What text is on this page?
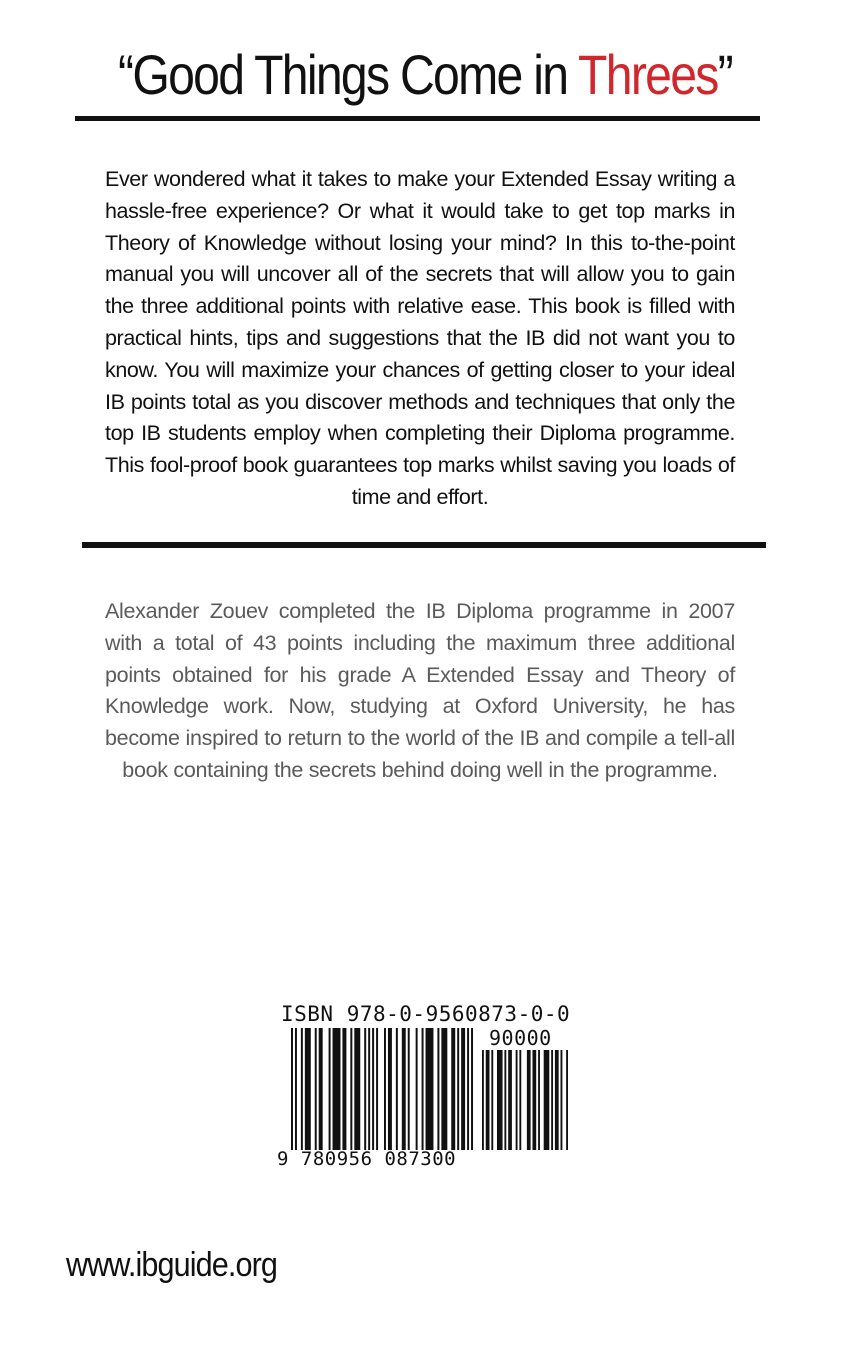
“Good Things Come in Threes”

Ever wondered what it takes to make your Extended Essay writing a hassle-free experience? Or what it would take to get top marks in Theory of Knowledge without losing your mind? In this to-the-point manual you will uncover all of the secrets that will allow you to gain the three additional points with relative ease. This book is filled with practical hints, tips and suggestions that the IB did not want you to know. You will maximize your chances of getting closer to your ideal IB points total as you discover methods and techniques that only the top IB students employ when completing their Diploma programme. This fool-proof book guarantees top marks whilst saving you loads of time and effort.

Alexander Zouev completed the IB Diploma programme in 2007 with a total of 43 points including the maximum three additional points obtained for his grade A Extended Essay and Theory of Knowledge work. Now, studying at Oxford University, he has become inspired to return to the world of the IB and compile a tell-all book containing the secrets behind doing well in the programme.

ISBN 978-0-9560873-0-0
90000
9 780956 087300
www.ibguide.org
